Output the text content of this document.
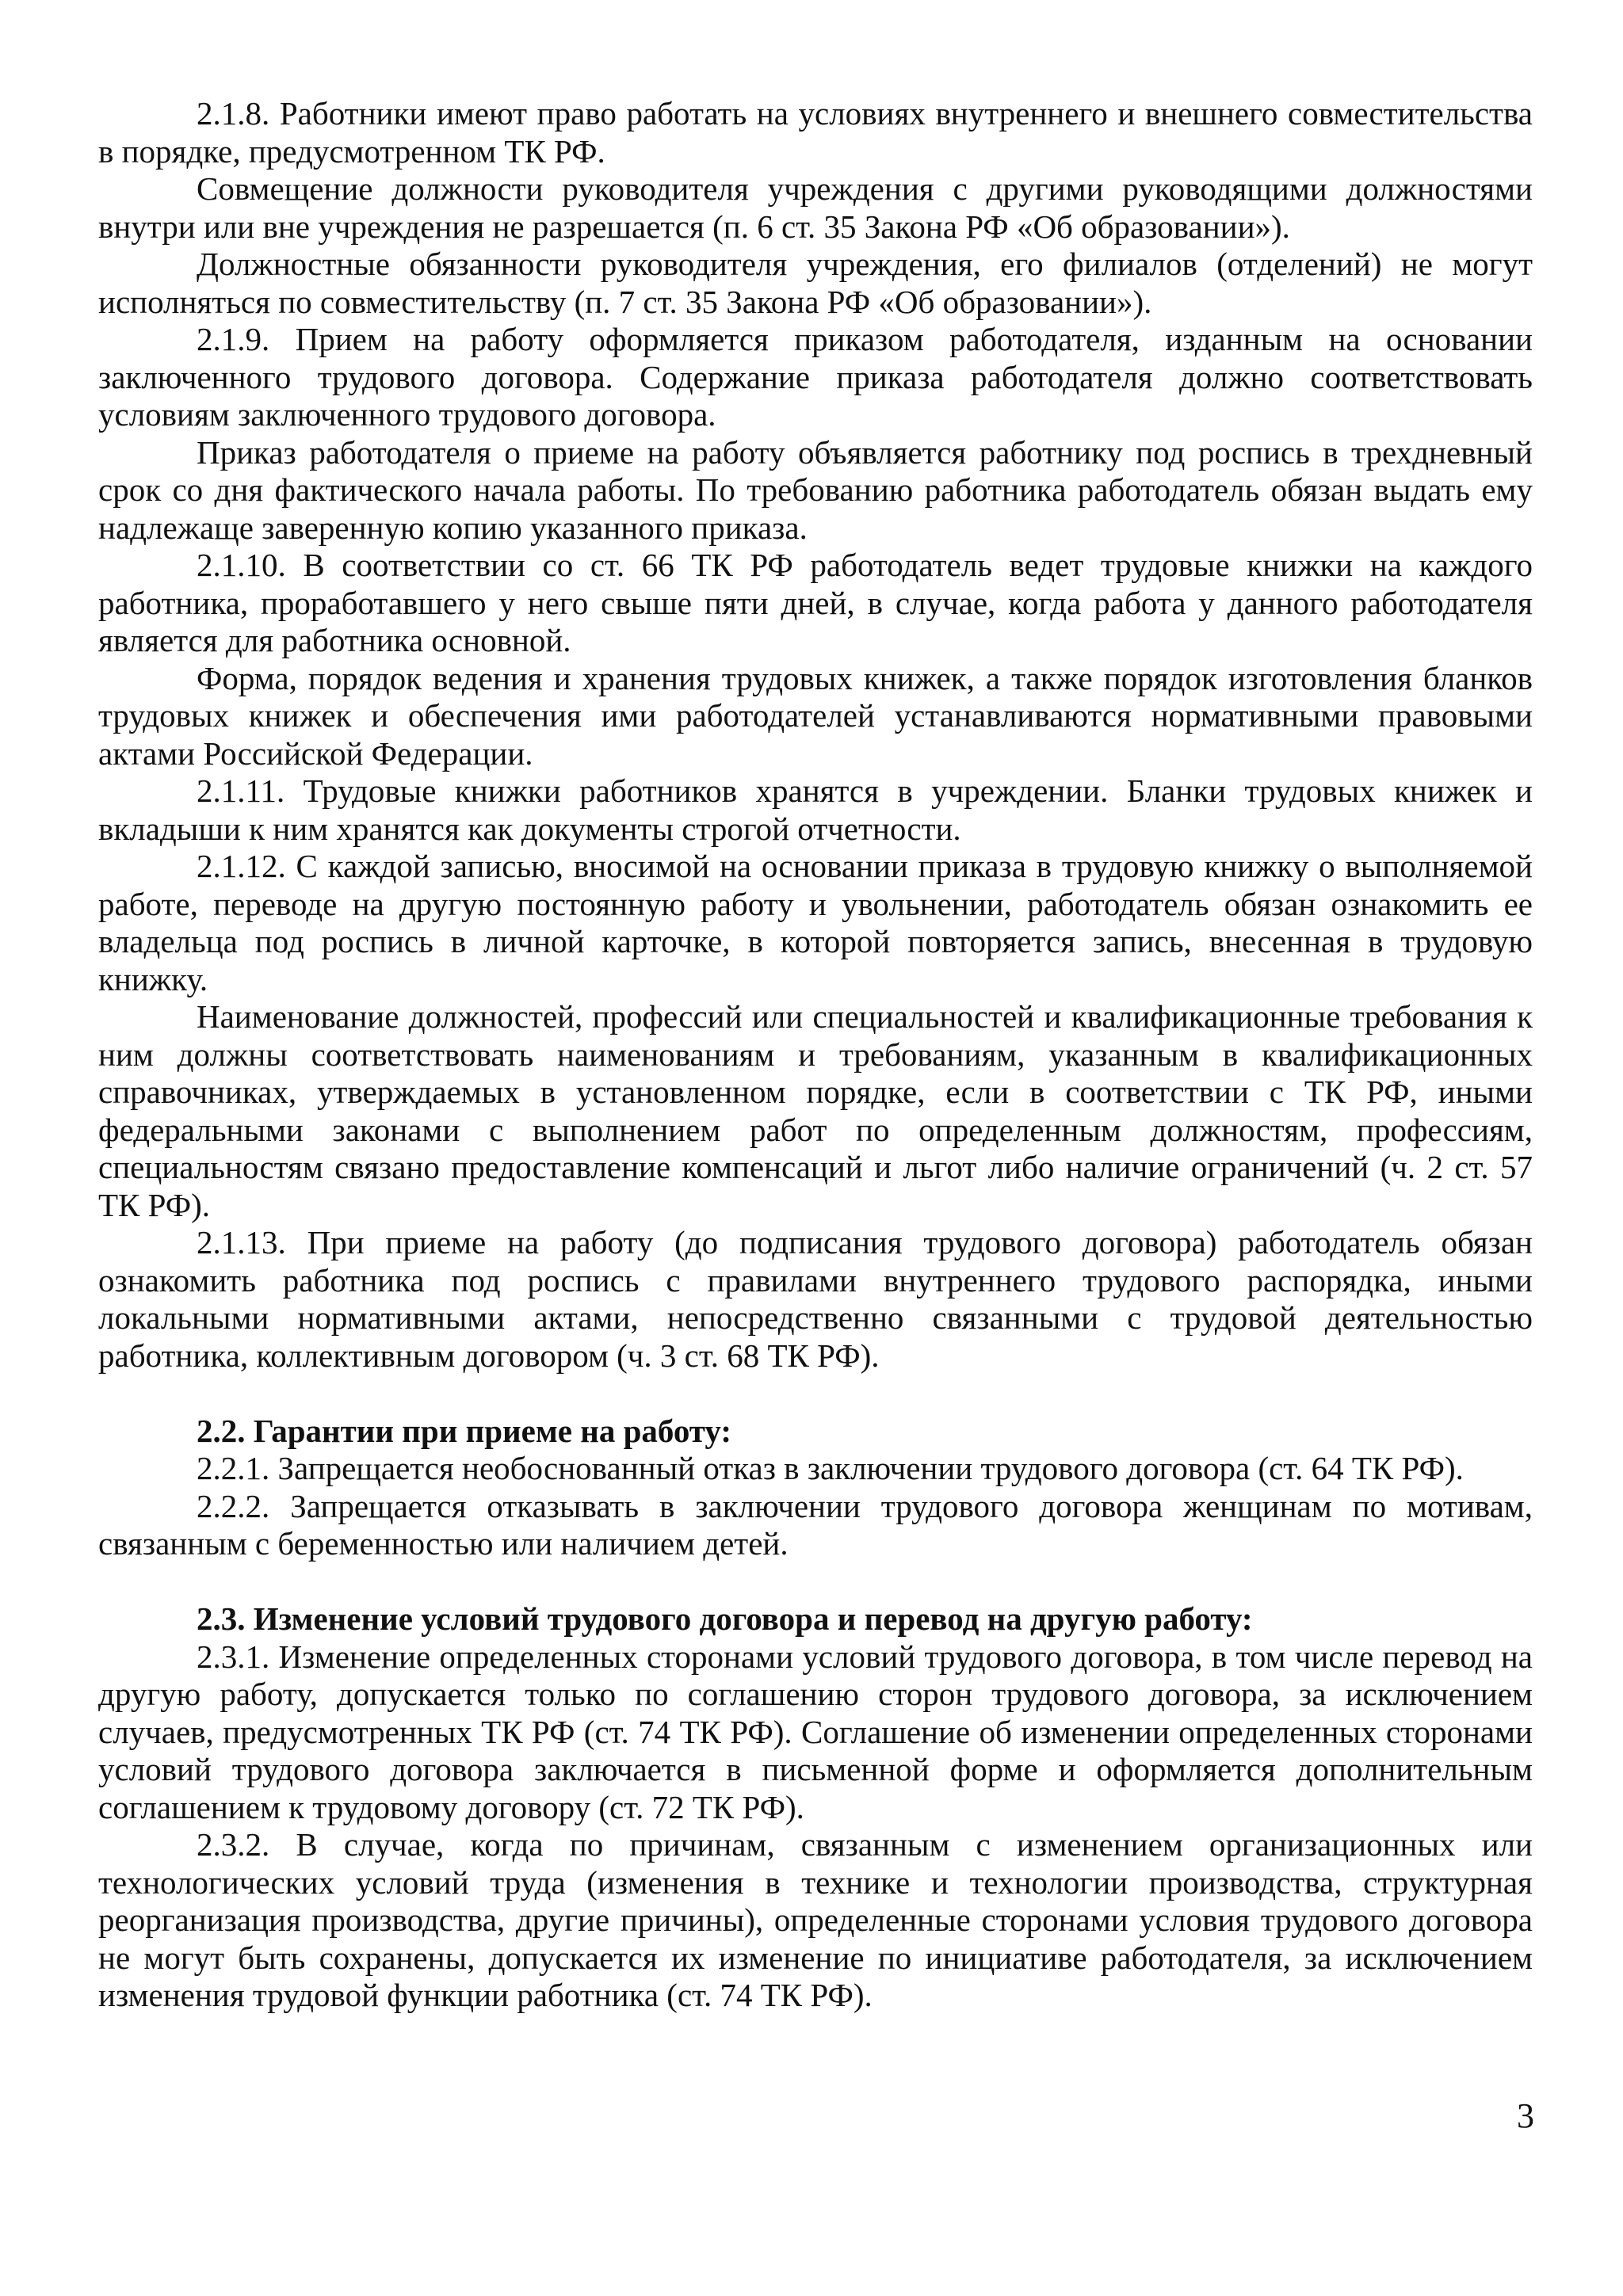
2.1.8. Работники имеют право работать на условиях внутреннего и внешнего совместительства в порядке, предусмотренном ТК РФ.

Совмещение должности руководителя учреждения с другими руководящими должностями внутри или вне учреждения не разрешается (п. 6 ст. 35 Закона РФ «Об образовании»).

Должностные обязанности руководителя учреждения, его филиалов (отделений) не могут исполняться по совместительству (п. 7 ст. 35 Закона РФ «Об образовании»).

2.1.9. Прием на работу оформляется приказом работодателя, изданным на основании заключенного трудового договора. Содержание приказа работодателя должно соответствовать условиям заключенного трудового договора.

Приказ работодателя о приеме на работу объявляется работнику под роспись в трехдневный срок со дня фактического начала работы. По требованию работника работодатель обязан выдать ему надлежаще заверенную копию указанного приказа.

2.1.10. В соответствии со ст. 66 ТК РФ работодатель ведет трудовые книжки на каждого работника, проработавшего у него свыше пяти дней, в случае, когда работа у данного работодателя является для работника основной.

Форма, порядок ведения и хранения трудовых книжек, а также порядок изготовления бланков трудовых книжек и обеспечения ими работодателей устанавливаются нормативными правовыми актами Российской Федерации.

2.1.11. Трудовые книжки работников хранятся в учреждении. Бланки трудовых книжек и вкладыши к ним хранятся как документы строгой отчетности.

2.1.12. С каждой записью, вносимой на основании приказа в трудовую книжку о выполняемой работе, переводе на другую постоянную работу и увольнении, работодатель обязан ознакомить ее владельца под роспись в личной карточке, в которой повторяется запись, внесенная в трудовую книжку.

Наименование должностей, профессий или специальностей и квалификационные требования к ним должны соответствовать наименованиям и требованиям, указанным в квалификационных справочниках, утверждаемых в установленном порядке, если в соответствии с ТК РФ, иными федеральными законами с выполнением работ по определенным должностям, профессиям, специальностям связано предоставление компенсаций и льгот либо наличие ограничений (ч. 2 ст. 57 ТК РФ).

2.1.13. При приеме на работу (до подписания трудового договора) работодатель обязан ознакомить работника под роспись с правилами внутреннего трудового распорядка, иными локальными нормативными актами, непосредственно связанными с трудовой деятельностью работника, коллективным договором (ч. 3 ст. 68 ТК РФ).

2.2. Гарантии при приеме на работу:

2.2.1. Запрещается необоснованный отказ в заключении трудового договора (ст. 64 ТК РФ).

2.2.2. Запрещается отказывать в заключении трудового договора женщинам по мотивам, связанным с беременностью или наличием детей.

2.3. Изменение условий трудового договора и перевод на другую работу:

2.3.1. Изменение определенных сторонами условий трудового договора, в том числе перевод на другую работу, допускается только по соглашению сторон трудового договора, за исключением случаев, предусмотренных ТК РФ (ст. 74 ТК РФ). Соглашение об изменении определенных сторонами условий трудового договора заключается в письменной форме и оформляется дополнительным соглашением к трудовому договору (ст. 72 ТК РФ).

2.3.2. В случае, когда по причинам, связанным с изменением организационных или технологических условий труда (изменения в технике и технологии производства, структурная реорганизация производства, другие причины), определенные сторонами условия трудового договора не могут быть сохранены, допускается их изменение по инициативе работодателя, за исключением изменения трудовой функции работника (ст. 74 ТК РФ).

3
